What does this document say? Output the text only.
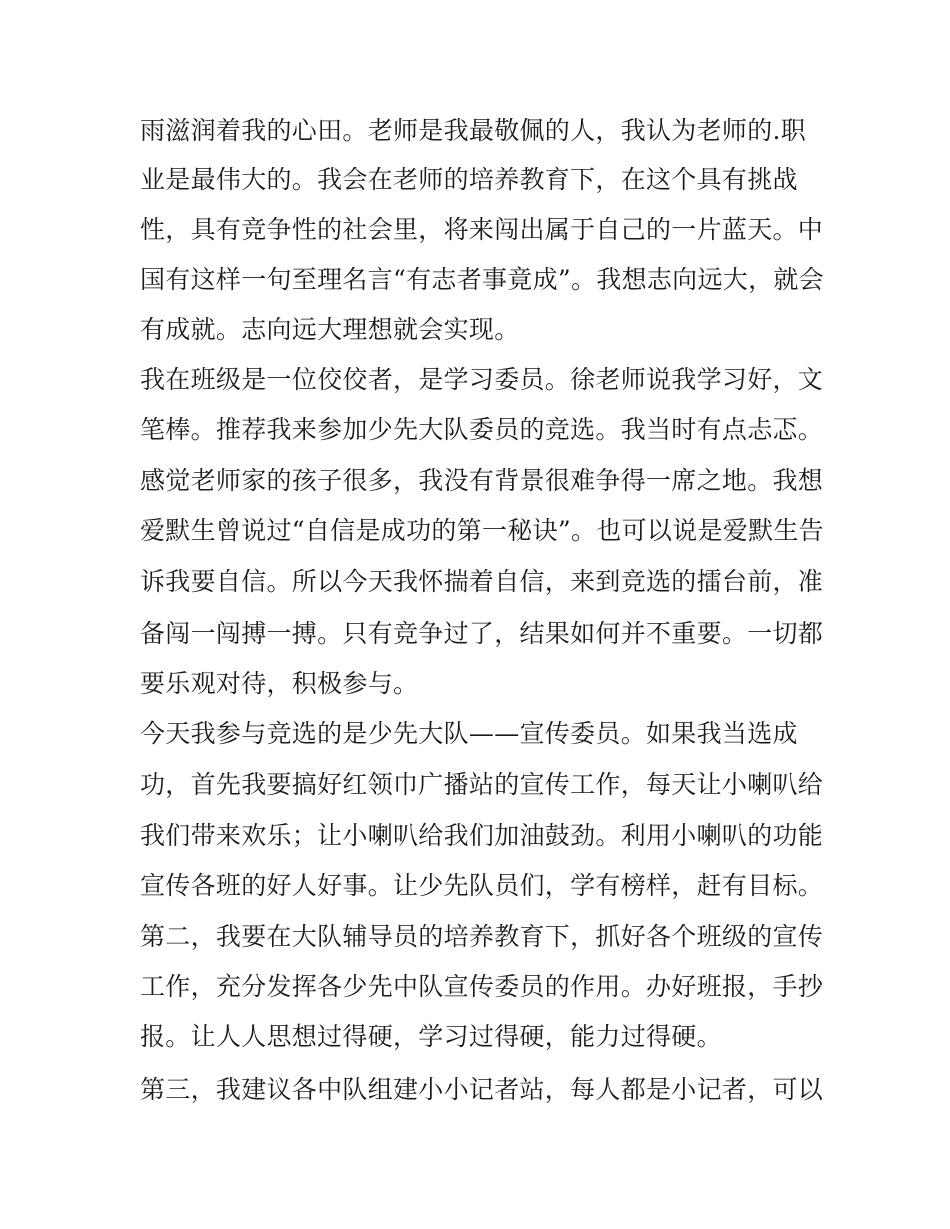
雨滋润着我的心田。老师是我最敬佩的人，我认为老师的.职
业是最伟大的。我会在老师的培养教育下，在这个具有挑战
性，具有竞争性的社会里，将来闯出属于自己的一片蓝天。中
国有这样一句至理名言“有志者事竟成”。我想志向远大，就会
有成就。志向远大理想就会实现。
我在班级是一位佼佼者，是学习委员。徐老师说我学习好，文
笔棒。推荐我来参加少先大队委员的竞选。我当时有点忐忑。
感觉老师家的孩子很多，我没有背景很难争得一席之地。我想
爱默生曾说过“自信是成功的第一秘诀”。也可以说是爱默生告
诉我要自信。所以今天我怀揣着自信，来到竞选的擂台前，准
备闯一闯搏一搏。只有竞争过了，结果如何并不重要。一切都
要乐观对待，积极参与。
今天我参与竞选的是少先大队——宣传委员。如果我当选成
功，首先我要搞好红领巾广播站的宣传工作，每天让小喇叭给
我们带来欢乐；让小喇叭给我们加油鼓劲。利用小喇叭的功能
宣传各班的好人好事。让少先队员们，学有榜样，赶有目标。
第二，我要在大队辅导员的培养教育下，抓好各个班级的宣传
工作，充分发挥各少先中队宣传委员的作用。办好班报，手抄
报。让人人思想过得硬，学习过得硬，能力过得硬。
第三，我建议各中队组建小小记者站，每人都是小记者，可以
